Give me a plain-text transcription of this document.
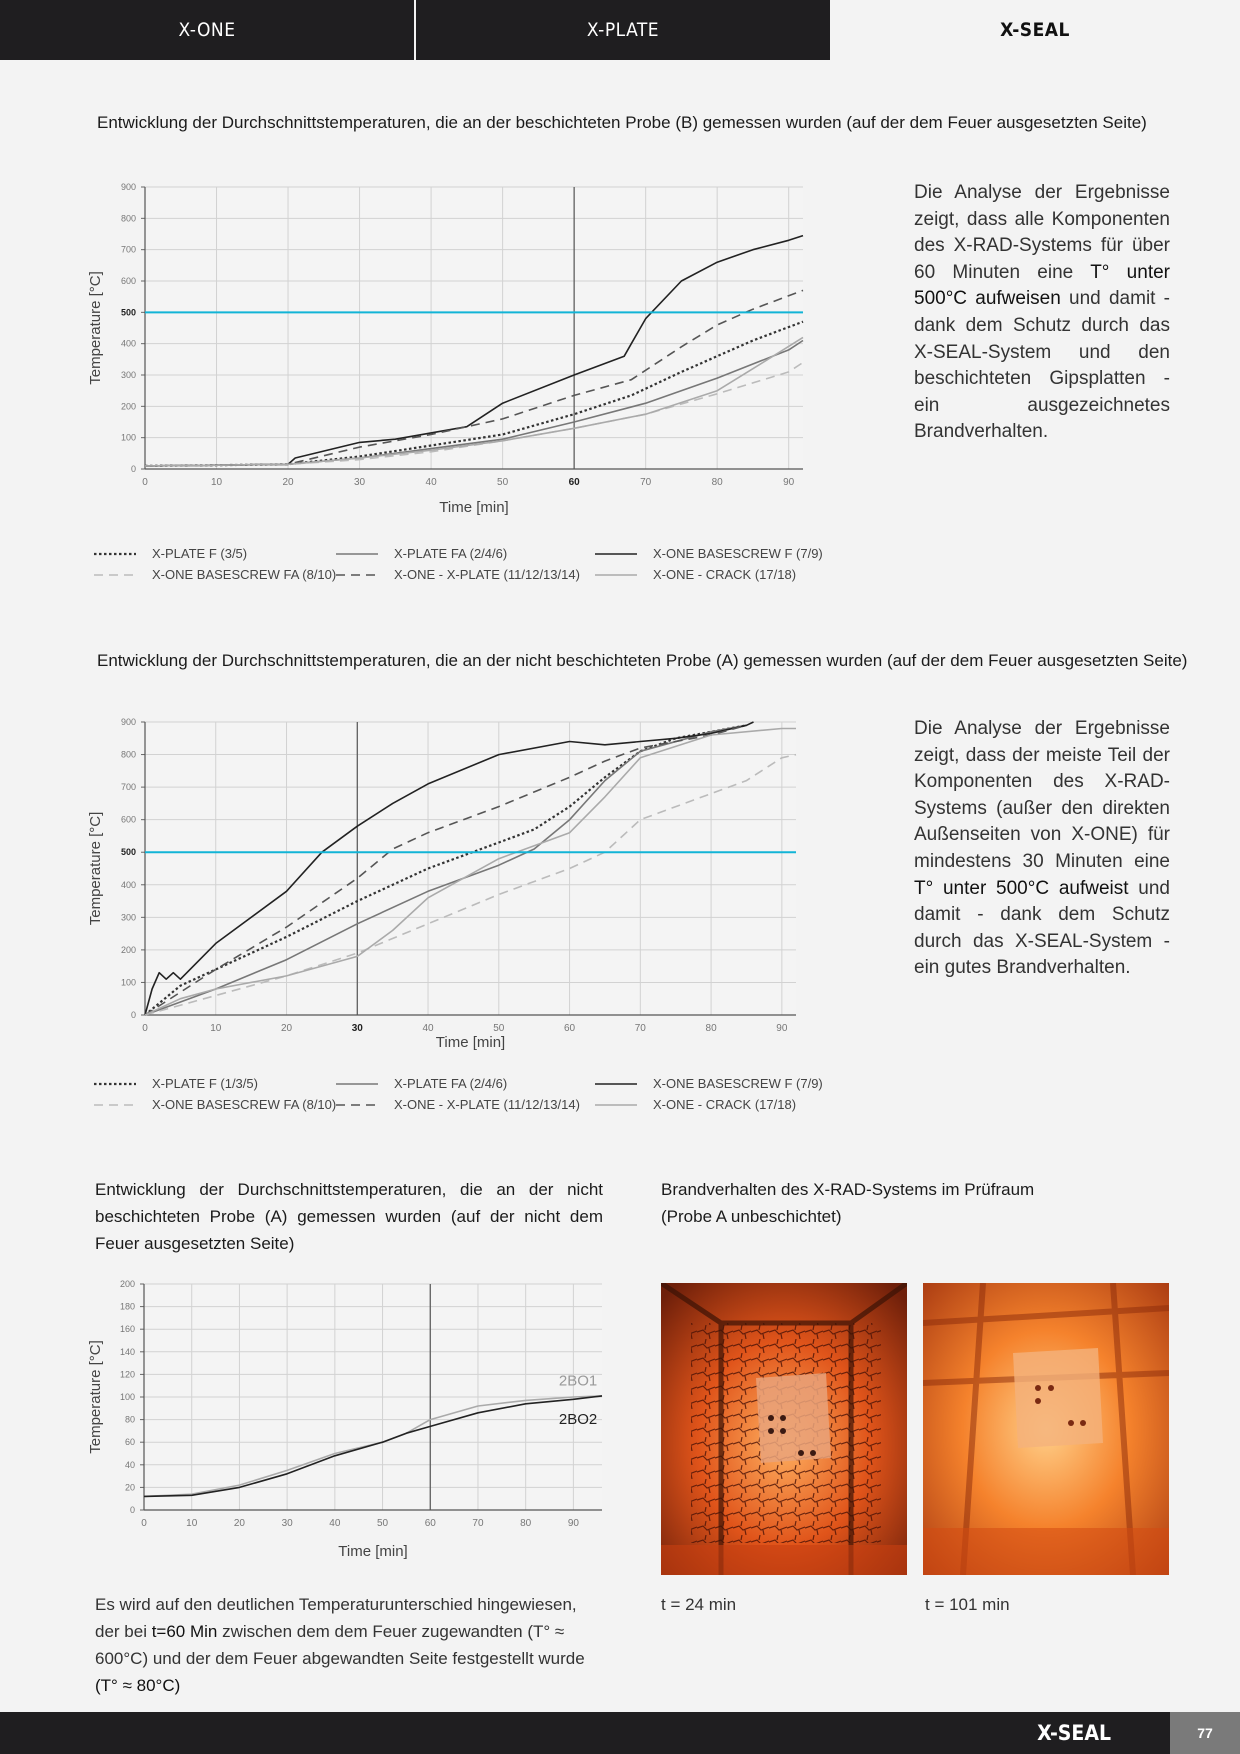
X-ONE	X-PLATE	X-SEAL
Entwicklung der Durchschnittstemperaturen, die an der beschichteten Probe (B) gemessen wurden (auf der dem Feuer ausgesetzten Seite)
0
100
200
300
400
500
600
700
800
900
0	10	20	30	40	50	60	70	80	90
Time [min]
Temperature [°C]
Die Analyse der Ergebnisse zeigt, dass alle Komponenten des X-RAD-Systems für über 60 Minuten eine T° unter 500°C aufweisen und damit - dank dem Schutz durch das X-SEAL-System und den beschichteten Gipsplatten - ein ausgezeichnetes Brandverhalten.
X-PLATE F (3/5)	X-PLATE FA (2/4/6)	X-ONE BASESCREW F (7/9)
X-ONE BASESCREW FA (8/10)	X-ONE - X-PLATE (11/12/13/14)	X-ONE - CRACK (17/18)
Entwicklung der Durchschnittstemperaturen, die an der nicht beschichteten Probe (A) gemessen wurden (auf der dem Feuer ausgesetzten Seite)
0
100
200
300
400
500
600
700
800
900
0	10	20	30	40	50	60	70	80	90
Time [min]
Temperature [°C]
Die Analyse der Ergebnisse zeigt, dass der meiste Teil der Komponenten des X-RAD-Systems (außer den direkten Außenseiten von X-ONE) für mindestens 30 Minuten eine T° unter 500°C aufweist und damit - dank dem Schutz durch das X-SEAL-System - ein gutes Brandverhalten.
X-PLATE F (1/3/5)	X-PLATE FA (2/4/6)	X-ONE BASESCREW F (7/9)
X-ONE BASESCREW FA (8/10)	X-ONE - X-PLATE (11/12/13/14)	X-ONE - CRACK (17/18)
Entwicklung der Durchschnittstemperaturen, die an der nicht beschichteten Probe (A) gemessen wurden (auf der nicht dem Feuer ausgesetzten Seite)
0
20
40
60
80
100
120
140
160
180
200
0	10	20	30	40	50	60	70	80	90
Time [min]
Temperature [°C]	2BO1
2BO2
Brandverhalten des X-RAD-Systems im Prüfraum (Probe A unbeschichtet)
t = 24 min	t = 101 min
Es wird auf den deutlichen Temperaturunterschied hingewiesen, der bei t=60 Min zwischen dem dem Feuer zugewandten (T° ≈ 600°C) und der dem Feuer abgewandten Seite festgestellt wurde (T° ≈ 80°C)
X-SEAL	77
